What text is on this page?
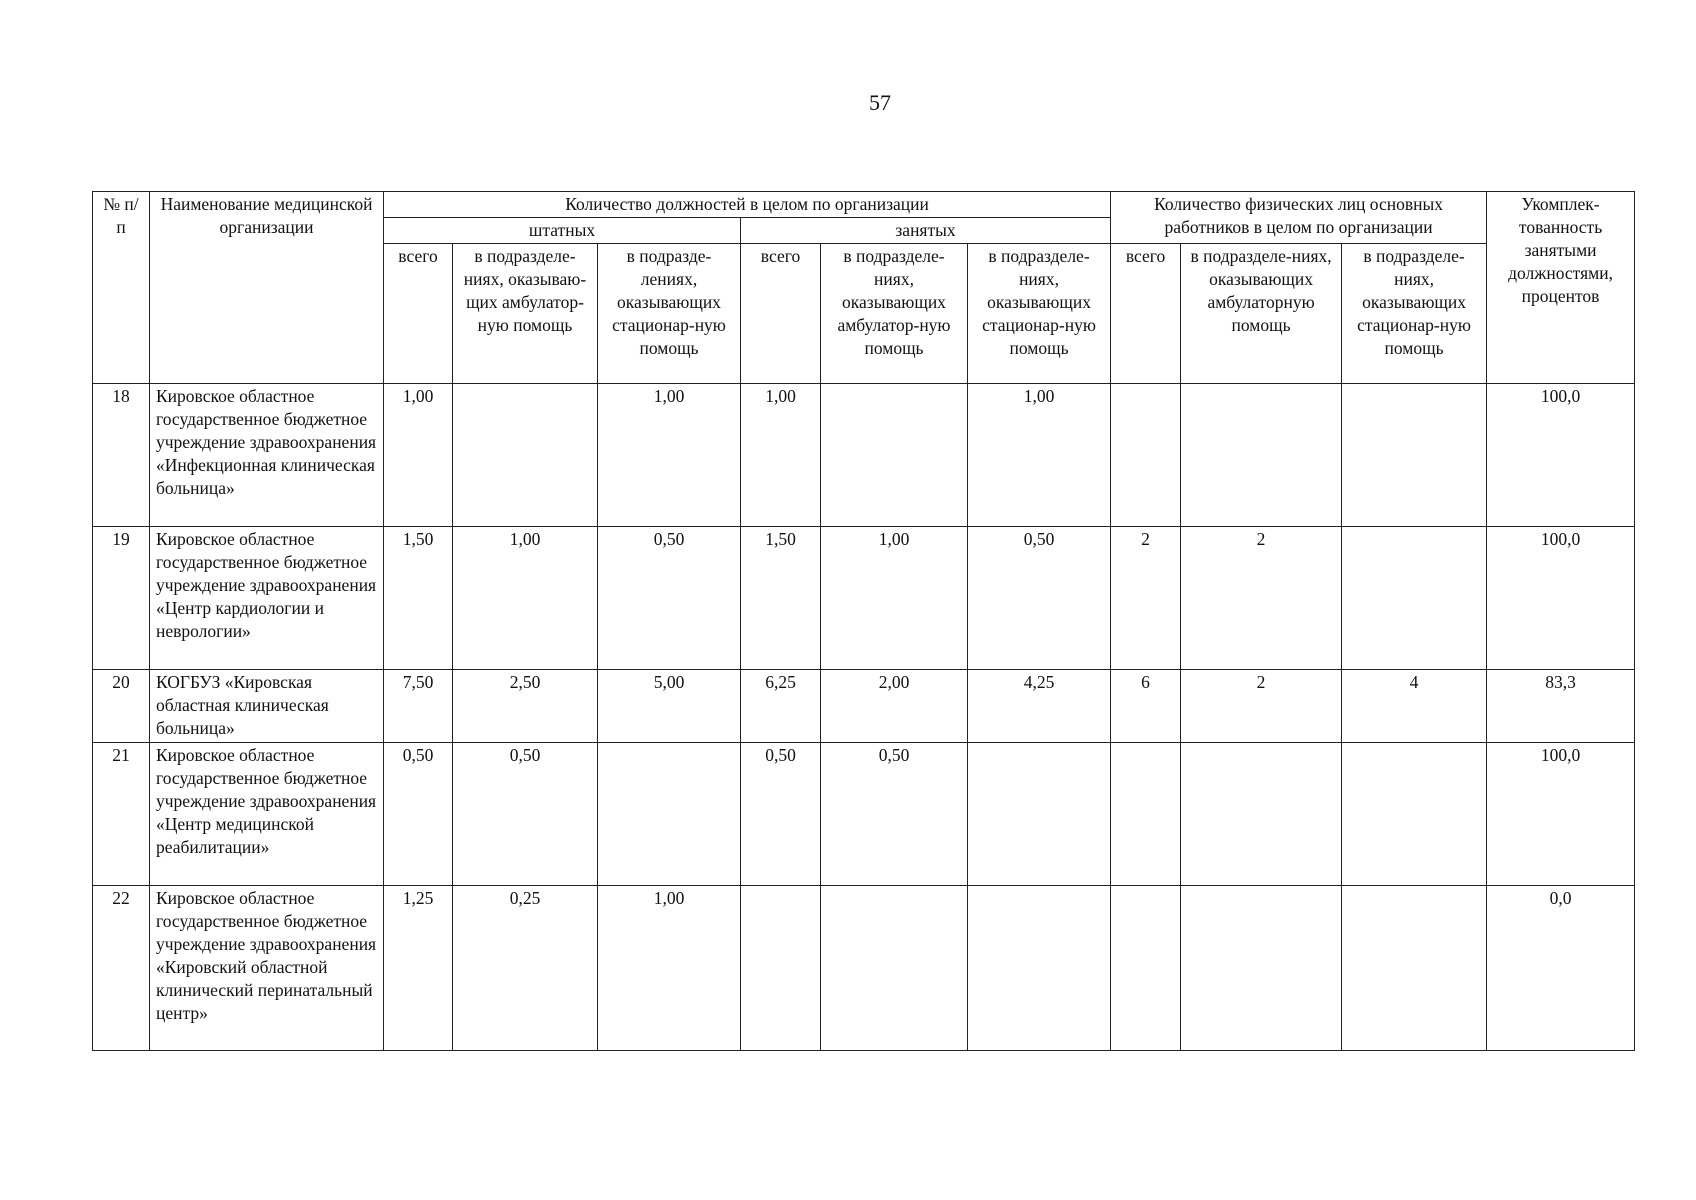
57
№ п/п	Наименование медицинской организации	Количество должностей в целом по организации						Количество физических лиц основных работников в целом по организации			Укомплек-тованность занятыми должностями, процентов
		штатных			занятых						
		всего	в подразделе-ниях, оказываю-щих амбулатор-ную помощь	в подразде-лениях, оказывающих стационар-ную помощь	всего	в подразделе-ниях, оказывающих амбулатор-ную помощь	в подразделе-ниях, оказывающих стационар-ную помощь	всего	в подразделе-ниях, оказывающих амбулаторную помощь	в подразделе-ниях, оказывающих стационар-ную помощь	
18	Кировское областное государственное бюджетное учреждение здравоохранения «Инфекционная клиническая больница»	1,00		1,00	1,00		1,00				100,0
19	Кировское областное государственное бюджетное учреждение здравоохранения «Центр кардиологии и неврологии»	1,50	1,00	0,50	1,50	1,00	0,50	2	2		100,0
20	КОГБУЗ «Кировская областная клиническая больница»	7,50	2,50	5,00	6,25	2,00	4,25	6	2	4	83,3
21	Кировское областное государственное бюджетное учреждение здравоохранения «Центр медицинской реабилитации»	0,50	0,50		0,50	0,50					100,0
22	Кировское областное государственное бюджетное учреждение здравоохранения «Кировский областной клинический перинатальный центр»	1,25	0,25	1,00							0,0
